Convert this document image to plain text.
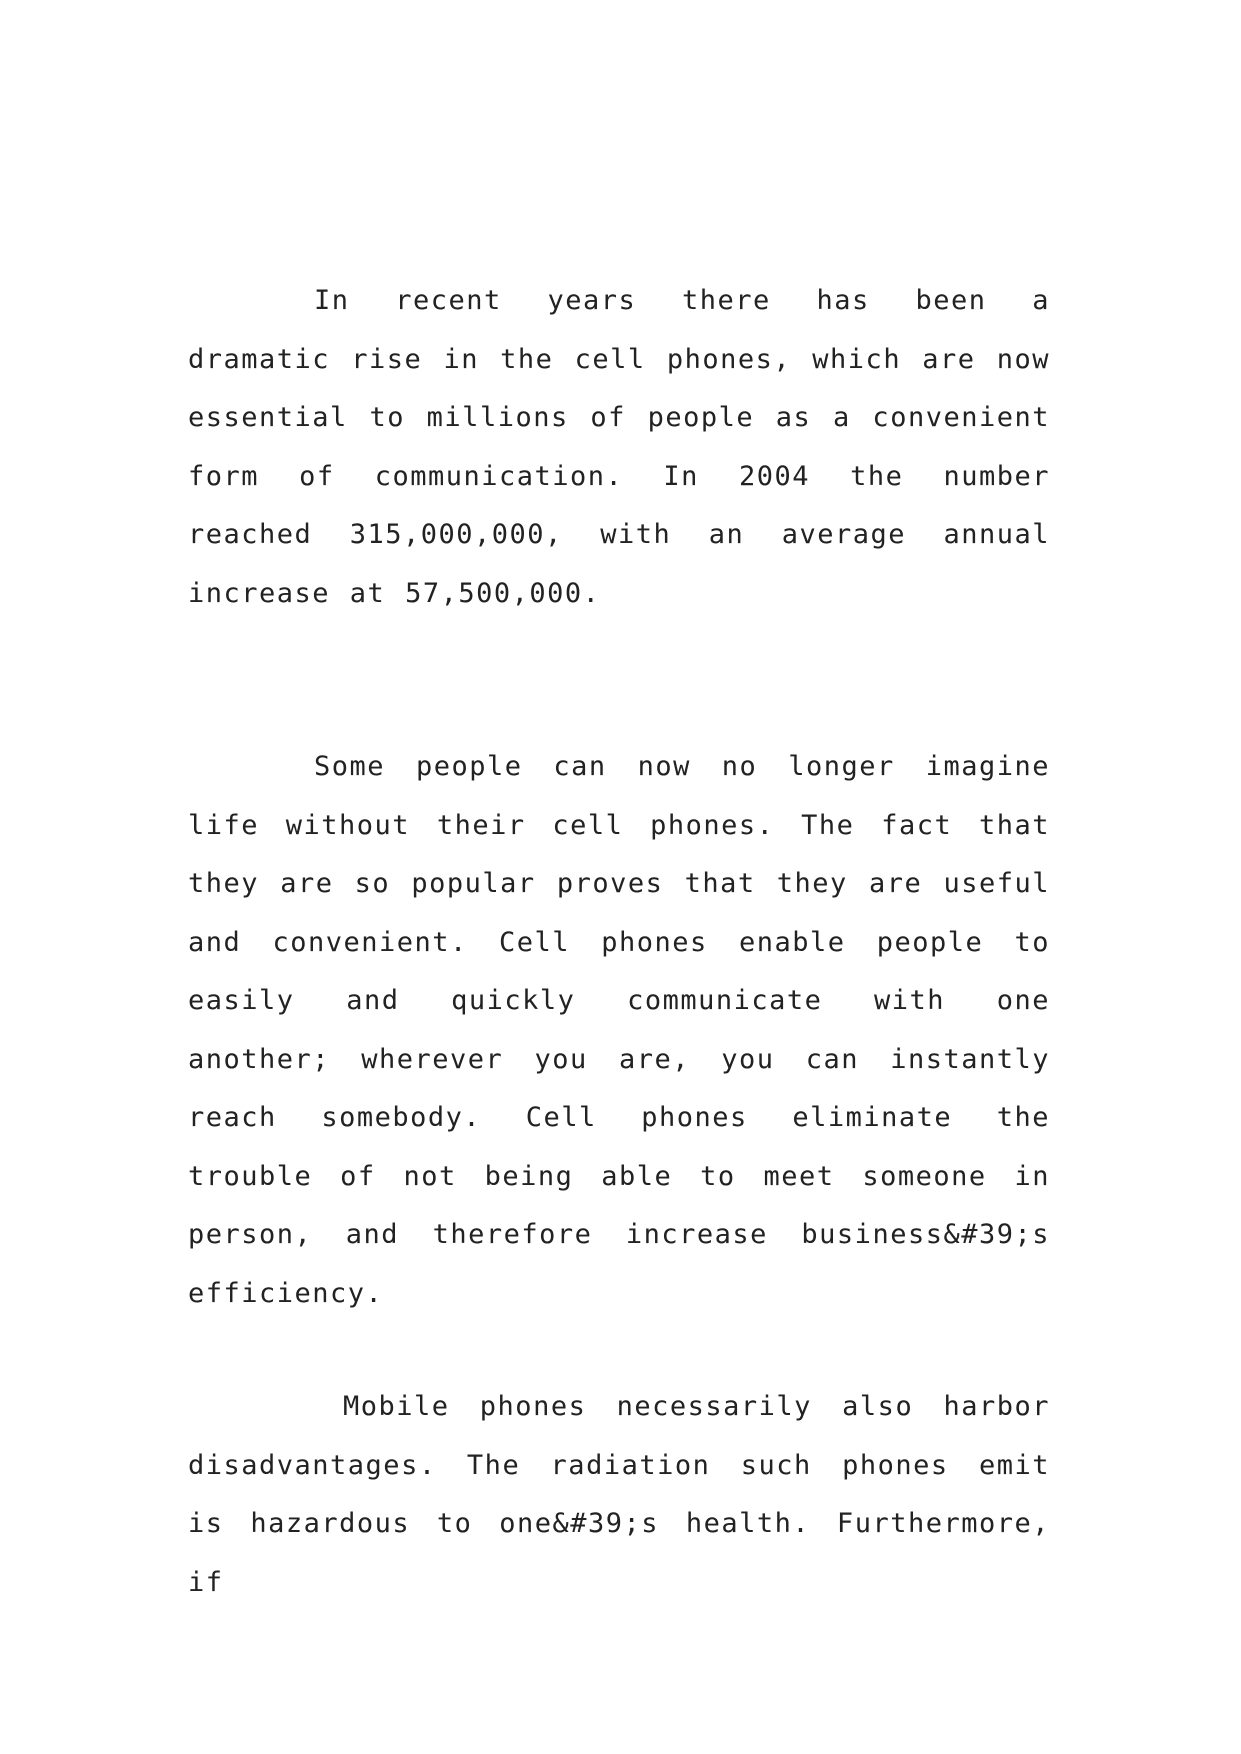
In recent years there has been a dramatic rise in the cell phones, which are now essential to millions of people as a convenient form of communication. In 2004 the number reached 315,000,000, with an average annual increase at 57,500,000.

Some people can now no longer imagine life without their cell phones. The fact that they are so popular proves that they are useful and convenient. Cell phones enable people to easily and quickly communicate with one another; wherever you are, you can instantly reach somebody. Cell phones eliminate the trouble of not being able to meet someone in person, and therefore increase business&#39;s efficiency.

Mobile phones necessarily also harbor disadvantages. The radiation such phones emit is hazardous to one&#39;s health. Furthermore, if
